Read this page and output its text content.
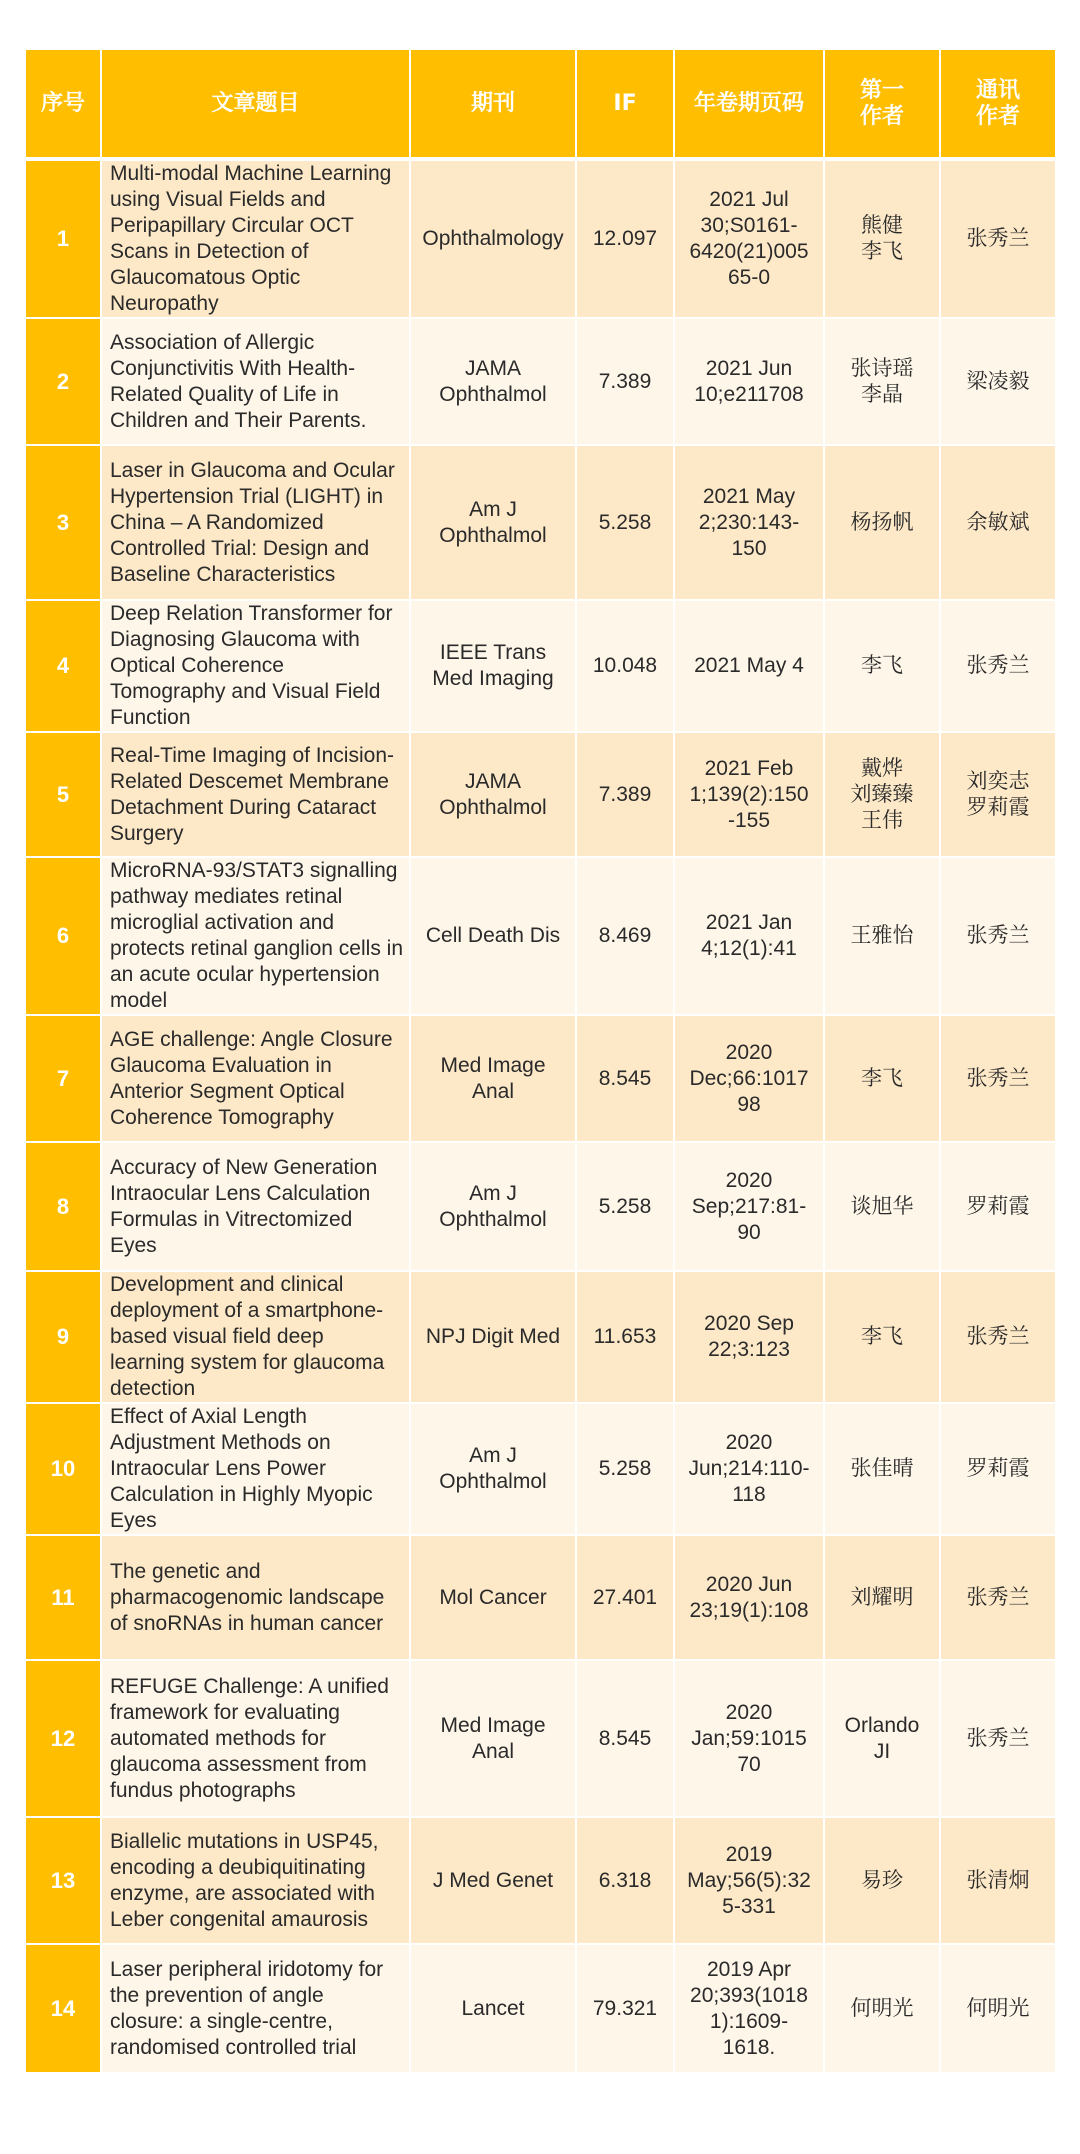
序号	文章题目	期刊	IF	年卷期页码	第一
作者	通讯
作者
1	Multi-modal Machine Learning using Visual Fields and Peripapillary Circular OCT Scans in Detection of Glaucomatous Optic Neuropathy	Ophthalmology	12.097	2021 Jul
30;S0161-
6420(21)005
65-0	熊健
李飞	张秀兰
2	Association of Allergic Conjunctivitis With Health-Related Quality of Life in Children and Their Parents.	JAMA
Ophthalmol	7.389	2021 Jun
10;e211708	张诗瑶
李晶	梁凌毅
3	Laser in Glaucoma and Ocular Hypertension Trial (LIGHT) in China – A Randomized Controlled Trial: Design and Baseline Characteristics	Am J
Ophthalmol	5.258	2021 May
2;230:143-
150	杨扬帆	余敏斌
4	Deep Relation Transformer for Diagnosing Glaucoma with Optical Coherence Tomography and Visual Field Function	IEEE Trans
Med Imaging	10.048	2021 May 4	李飞	张秀兰
5	Real-Time Imaging of Incision-Related Descemet Membrane Detachment During Cataract Surgery	JAMA
Ophthalmol	7.389	2021 Feb
1;139(2):150
-155	戴烨
刘臻臻
王伟	刘奕志
罗莉霞
6	MicroRNA-93/STAT3 signalling pathway mediates retinal microglial activation and protects retinal ganglion cells in an acute ocular hypertension model	Cell Death Dis	8.469	2021 Jan
4;12(1):41	王雅怡	张秀兰
7	AGE challenge: Angle Closure Glaucoma Evaluation in Anterior Segment Optical Coherence Tomography	Med Image
Anal	8.545	2020
Dec;66:1017
98	李飞	张秀兰
8	Accuracy of New Generation Intraocular Lens Calculation Formulas in Vitrectomized Eyes	Am J
Ophthalmol	5.258	2020
Sep;217:81-
90	谈旭华	罗莉霞
9	Development and clinical deployment of a smartphone-based visual field deep learning system for glaucoma detection	NPJ Digit Med	11.653	2020 Sep
22;3:123	李飞	张秀兰
10	Effect of Axial Length Adjustment Methods on Intraocular Lens Power Calculation in Highly Myopic Eyes	Am J
Ophthalmol	5.258	2020
Jun;214:110-
118	张佳晴	罗莉霞
11	The genetic and pharmacogenomic landscape of snoRNAs in human cancer	Mol Cancer	27.401	2020 Jun
23;19(1):108	刘耀明	张秀兰
12	REFUGE Challenge: A unified framework for evaluating automated methods for glaucoma assessment from fundus photographs	Med Image
Anal	8.545	2020
Jan;59:1015
70	Orlando
JI	张秀兰
13	Biallelic mutations in USP45, encoding a deubiquitinating enzyme, are associated with Leber congenital amaurosis	J Med Genet	6.318	2019
May;56(5):32
5-331	易珍	张清炯
14	Laser peripheral iridotomy for the prevention of angle closure: a single-centre, randomised controlled trial	Lancet	79.321	2019 Apr
20;393(1018
1):1609-
1618.	何明光	何明光
